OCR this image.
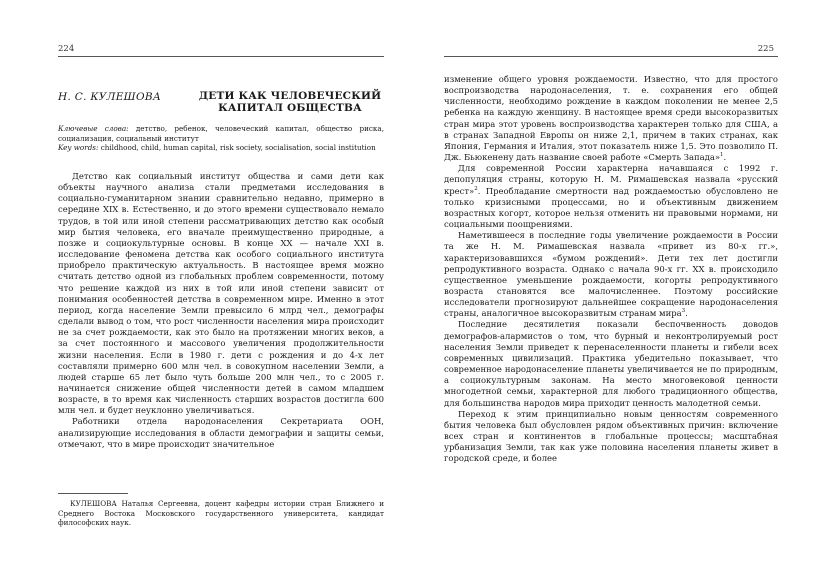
224
Н. С. КУЛЕШОВА	ДЕТИ КАК ЧЕЛОВЕЧЕСКИЙ КАПИТАЛ ОБЩЕСТВА
Ключевые слова: детство, ребенок, человеческий капитал, общество риска, социализация, социальный институт
Key words: childhood, child, human capital, risk society, socialisation, social institution

Детство как социальный институт общества и сами дети как объекты научного анализа стали предметами исследования в социально-гуманитарном знании сравнительно недавно, примерно в середине XIX в. Естественно, и до этого времени существовало немало трудов, в той или иной степени рассматривающих детство как особый мир бытия человека, его вначале преимущественно природные, а позже и социокультурные основы. В конце XX — начале XXI в. исследование феномена детства как особого социального института приобрело практическую актуальность. В настоящее время можно считать детство одной из глобальных проблем современности, потому что решение каждой из них в той или иной степени зависит от понимания особенностей детства в современном мире. Именно в этот период, когда население Земли превысило 6 млрд чел., демографы сделали вывод о том, что рост численности населения мира происходит не за счет рождаемости, как это было на протяжении многих веков, а за счет постоянного и массового увеличения продолжительности жизни населения. Если в 1980 г. дети с рождения и до 4-х лет составляли примерно 600 млн чел. в совокупном населении Земли, а людей старше 65 лет было чуть больше 200 млн чел., то с 2005 г. начинается снижение общей численности детей в самом младшем возрасте, в то время как численность старших возрастов достигла 600 млн чел. и будет неуклонно увеличиваться.

Работники отдела народонаселения Секретариата ООН, анализирующие исследования в области демографии и защиты семьи, отмечают, что в мире происходит значительное

КУЛЕШОВА Наталья Сергеевна, доцент кафедры истории стран Ближнего и Среднего Востока Московского государственного университета, кандидат философских наук.
225

изменение общего уровня рождаемости. Известно, что для простого воспроизводства народонаселения, т. е. сохранения его общей численности, необходимо рождение в каждом поколении не менее 2,5 ребенка на каждую женщину. В настоящее время среди высокоразвитых стран мира этот уровень воспроизводства характерен только для США, а в странах Западной Европы он ниже 2,1, причем в таких странах, как Япония, Германия и Италия, этот показатель ниже 1,5. Это позволило П. Дж. Бьюкенену дать название своей работе «Смерть Запада»$^1$.

Для современной России характерна начавшаяся с 1992 г. депопуляция страны, которую Н. М. Римашевская назвала «русский крест»$^2$. Преобладание смертности над рождаемостью обусловлено не только кризисными процессами, но и объективным движением возрастных когорт, которое нельзя отменить ни правовыми нормами, ни социальными поощрениями.

Наметившееся в последние годы увеличение рождаемости в России та же Н. М. Римашевская назвала «привет из 80-х гг.», характеризовавшихся «бумом рождений». Дети тех лет достигли репродуктивного возраста. Однако с начала 90-х гг. XX в. происходило существенное уменьшение рождаемости, когорты репродуктивного возраста становятся все малочисленнее. Поэтому российские исследователи прогнозируют дальнейшее сокращение народонаселения страны, аналогичное высокоразвитым странам мира$^3$.

Последние десятилетия показали беспочвенность доводов демографов-алармистов о том, что бурный и неконтролируемый рост населения Земли приведет к перенаселенности планеты и гибели всех современных цивилизаций. Практика убедительно показывает, что современное народонаселение планеты увеличивается не по природным, а социокультурным законам. На место многовековой ценности многодетной семьи, характерной для любого традиционного общества, для большинства народов мира приходит ценность малодетной семьи.

Переход к этим принципиально новым ценностям современного бытия человека был обусловлен рядом объективных причин: включение всех стран и континентов в глобальные процессы; масштабная урбанизация Земли, так как уже половина населения планеты живет в городской среде, и более
